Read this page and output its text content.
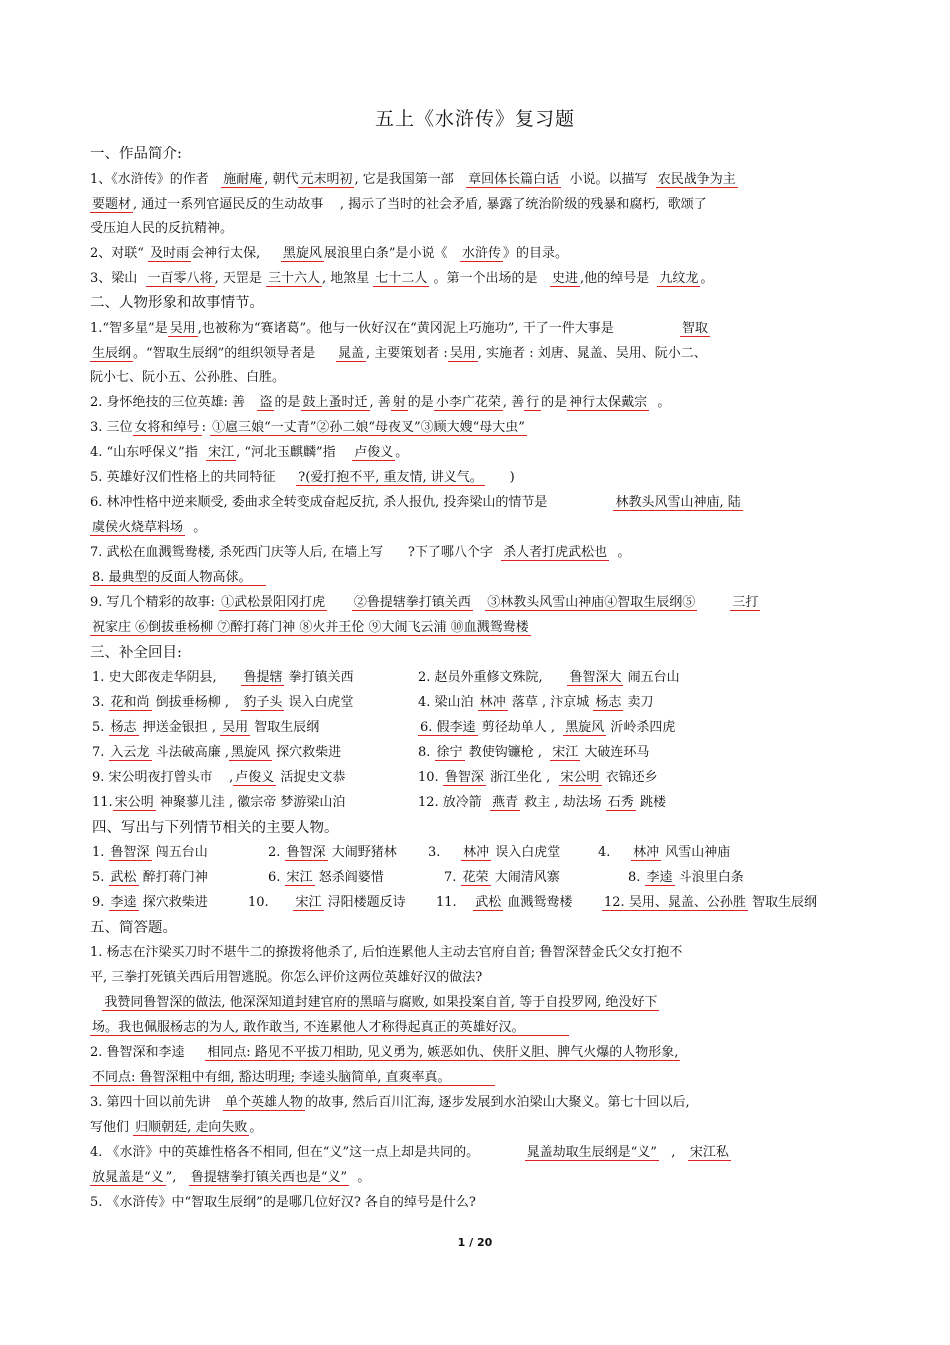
五上《水浒传》复习题
一、作品简介:
1、《水浒传》的作者 施耐庵 , 朝代 元末明初 , 它是我国第一部 章回体长篇白话 小说。以描写 农民战争为主
要题材 , 通过一系列官逼民反的生动故事 , 揭示了当时的社会矛盾, 暴露了统治阶级的残暴和腐朽, 歌颂了
受压迫人民的反抗精神。
2、对联“ 及时雨 会神行太保, 黑旋风 展浪里白条”是小说《 水浒传 》的目录。
3、梁山 一百零八将 , 天罡是 三十六人 , 地煞星 七十二人 。第一个出场的是 史进 ,他的绰号是 九纹龙 。
二、人物形象和故事情节。
1.“智多星”是 吴用 ,也被称为“赛诸葛”。他与一伙好汉在“黄冈泥上巧施功”, 干了一件大事是	智取
生辰纲 。“智取生辰纲”的组织领导者是 晁盖 , 主要策划者 : 吴用 , 实施者 : 刘唐、晁盖、吴用、阮小二、
阮小七、阮小五、公孙胜、白胜。
2. 身怀绝技的三位英雄: 善 盗 的是 鼓上蚤时迁 , 善 射 的是 小李广花荣 , 善 行 的是 神行太保戴宗 。
3. 三位 女将和绰号 : ①扈三娘“一丈青”②孙二娘“母夜叉”③顾大嫂“母大虫”
4. “山东呼保义”指 宋江 , “河北玉麒麟”指 卢俊义 。
5. 英雄好汉们性格上的共同特征 ?(爱打抱不平, 重友情, 讲义气。 )
6. 林冲性格中逆来顺受, 委曲求全转变成奋起反抗, 杀人报仇, 投奔梁山的情节是	林教头风雪山神庙, 陆
虞侯火烧草料场 。
7. 武松在血溅鸳鸯楼, 杀死西门庆等人后, 在墙上写 ?下了哪八个字 杀人者打虎武松也 。
8. 最典型的反面人物高俅。
9. 写几个精彩的故事: ①武松景阳冈打虎 ②鲁提辖拳打镇关西 ③林教头风雪山神庙④智取生辰纲⑤	三打
祝家庄 ⑥倒拔垂杨柳 ⑦醉打蒋门神 ⑧火并王伦 ⑨大闹飞云浦 ⑩血溅鸳鸯楼
三、补全回目:
1. 史大郎夜走华阴县, 鲁提辖 拳打镇关西	2. 赵员外重修文殊院, 鲁智深大 闹五台山
3. 花和尚 倒拔垂杨柳 , 豹子头 误入白虎堂	4. 梁山泊 林冲 落草 , 汴京城 杨志 卖刀
5. 杨志 押送金银担 , 吴用 智取生辰纲	6. 假李逵 剪径劫单人 , 黑旋风 沂岭杀四虎
7. 入云龙 斗法破高廉 , 黑旋风 探穴救柴进	8. 徐宁 教使钩镰枪 , 宋江 大破连环马
9. 宋公明夜打曾头市 , 卢俊义 活捉史文恭	10. 鲁智深 浙江坐化 , 宋公明 衣锦还乡
11. 宋公明 神聚蓼儿洼 , 徽宗帝 梦游梁山泊	12. 放冷箭 燕青 救主 , 劫法场 石秀 跳楼
四、写出与下列情节相关的主要人物。
1. 鲁智深 闯五台山	2. 鲁智深 大闹野猪林 3. 林冲 误入白虎堂	4. 林冲 风雪山神庙
5. 武松 醉打蒋门神	6. 宋江 怒杀阎婆惜	7. 花荣 大闹清风寨	8. 李逵 斗浪里白条
9. 李逵 探穴救柴进	10. 宋江 浔阳楼题反诗 11. 武松 血溅鸳鸯楼 12. 吴用、晁盖、公孙胜 智取生辰纲
五、简答题。
1. 杨志在汴梁买刀时不堪牛二的撩拨将他杀了, 后怕连累他人主动去官府自首; 鲁智深替金氏父女打抱不
平, 三拳打死镇关西后用智逃脱。你怎么评价这两位英雄好汉的做法?
我赞同鲁智深的做法, 他深深知道封建官府的黑暗与腐败, 如果投案自首, 等于自投罗网, 绝没好下
场。我也佩服杨志的为人, 敢作敢当, 不连累他人才称得起真正的英雄好汉。
2. 鲁智深和李逵 相同点: 路见不平拔刀相助, 见义勇为, 嫉恶如仇、侠肝义胆、脾气火爆的人物形象,
不同点: 鲁智深粗中有细, 豁达明理; 李逵头脑简单, 直爽率真。
3. 第四十回以前先讲 单个英雄人物 的故事, 然后百川汇海, 逐步发展到水泊梁山大聚义。第七十回以后,
写他们 归顺朝廷, 走向失败 。
4. 《水浒》中的英雄性格各不相同, 但在“义”这一点上却是共同的。	晁盖劫取生辰纲是“义” , 宋江私
放晁盖是“义 ”,   鲁提辖拳打镇关西也是“义” 。
5. 《水浒传》中“智取生辰纲”的是哪几位好汉? 各自的绰号是什么?
1 / 20
